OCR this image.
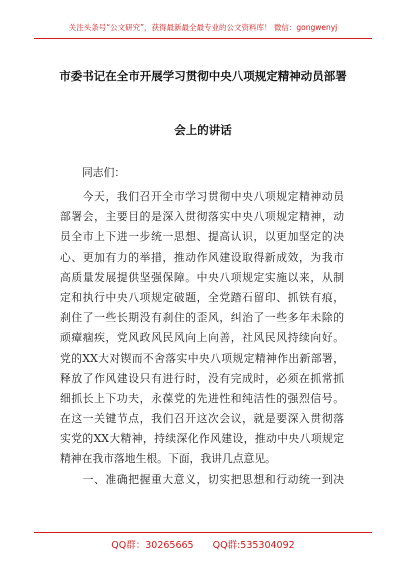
关注头条号“公文研究”，获得最新最全最专业的公文资料库！ 微信：gongwenyj
市委书记在全市开展学习贯彻中央八项规定精神动员部署
会上的讲话
同志们：
今天，我们召开全市学习贯彻中央八项规定精神动员
部署会，主要目的是深入贯彻落实中央八项规定精神，动
员全市上下进一步统一思想、提高认识，以更加坚定的决
心、更加有力的举措，推动作风建设取得新成效，为我市
高质量发展提供坚强保障。中央八项规定实施以来，从制
定和执行中央八项规定破题，全党踏石留印、抓铁有痕，
刹住了一些长期没有刹住的歪风，纠治了一些多年未除的
顽瘴痼疾，党风政风民风向上向善，社风民风持续向好。
党的XX大对锲而不舍落实中央八项规定精神作出新部署，
释放了作风建设只有进行时，没有完成时，必须在抓常抓
细抓长上下功夫，永葆党的先进性和纯洁性的强烈信号。
在这一关键节点，我们召开这次会议，就是要深入贯彻落
实党的XX大精神，持续深化作风建设，推动中央八项规定
精神在我市落地生根。下面，我讲几点意见。
一、准确把握重大意义，切实把思想和行动统一到决
QQ群：30265665 QQ群:535304092
